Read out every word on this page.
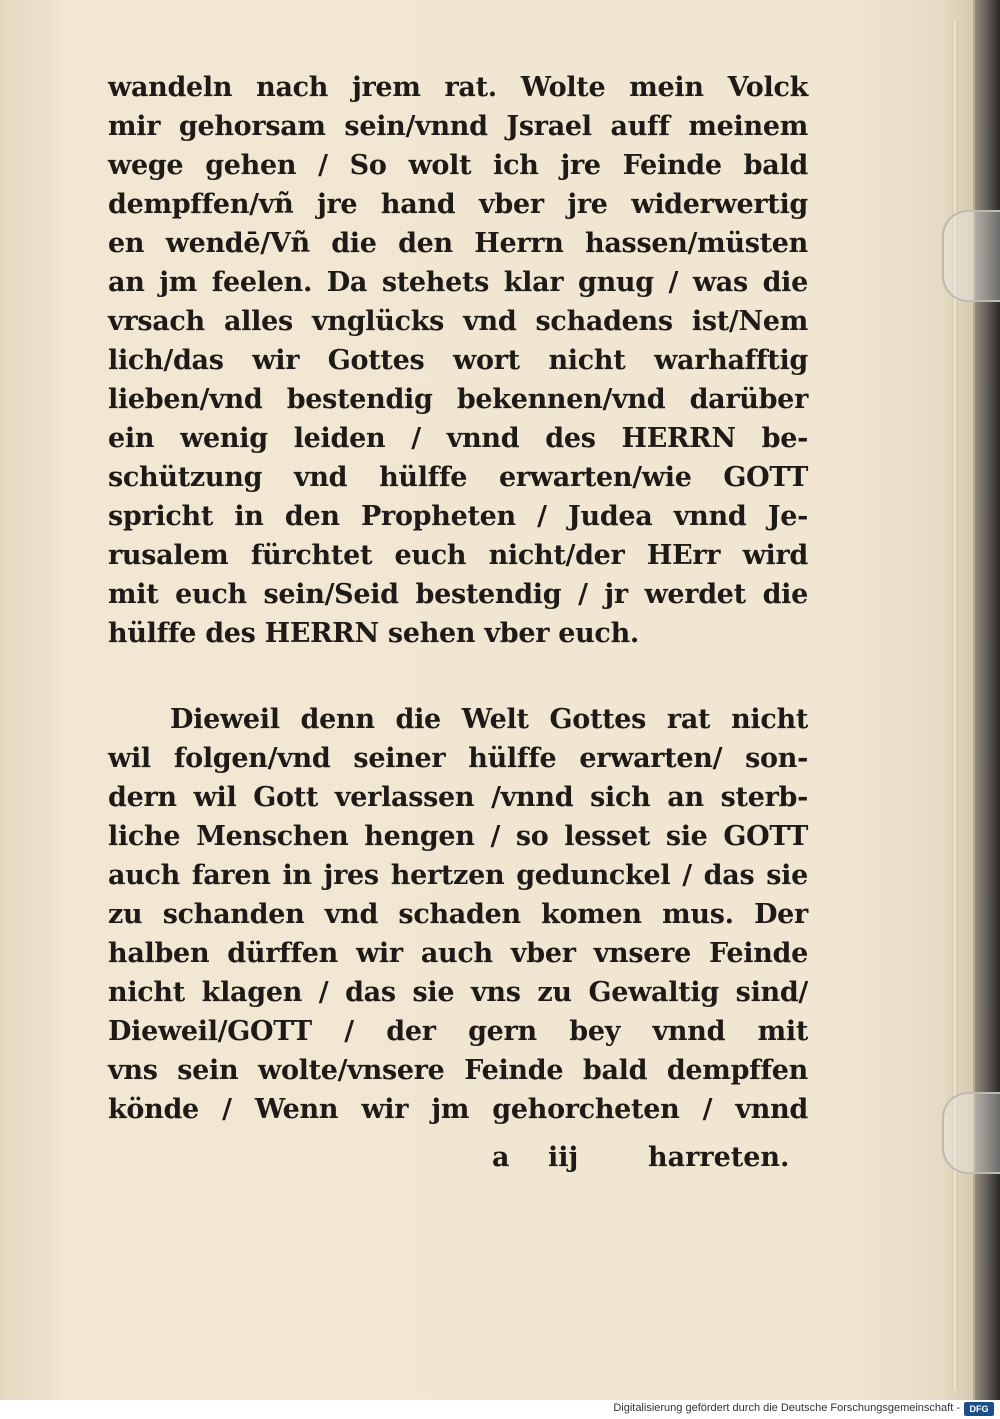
wandeln nach jrem rat. Wolte mein Volck
mir gehorsam sein/vnnd Jsrael auff meinem
wege gehen / So wolt ich jre Feinde bald
dempffen/vñ jre hand vber jre widerwertig
en wendē/Vñ die den Herrn hassen/müsten
an jm feelen. Da stehets klar gnug / was die
vrsach alles vnglücks vnd schadens ist/Nem
lich/das wir Gottes wort nicht warhafftig
lieben/vnd bestendig bekennen/vnd darüber
ein wenig leiden / vnnd des HERRN be-
schützung vnd hülffe erwarten/wie GOTT
spricht in den Propheten / Judea vnnd Je-
rusalem fürchtet euch nicht/der HErr wird
mit euch sein/Seid bestendig / jr werdet die
hülffe des HERRN sehen vber euch.
Dieweil denn die Welt Gottes rat nicht
wil folgen/vnd seiner hülffe erwarten/ son-
dern wil Gott verlassen /vnnd sich an sterb-
liche Menschen hengen / so lesset sie GOTT
auch faren in jres hertzen gedunckel / das sie
zu schanden vnd schaden komen mus. Der
halben dürffen wir auch vber vnsere Feinde
nicht klagen / das sie vns zu Gewaltig sind/
Dieweil/GOTT / der gern bey vnnd mit
vns sein wolte/vnsere Feinde bald dempffen
könde / Wenn wir jm gehorcheten / vnnd
a iij	harreten.
Digitalisierung gefördert durch die Deutsche Forschungsgemeinschaft -	DFG
